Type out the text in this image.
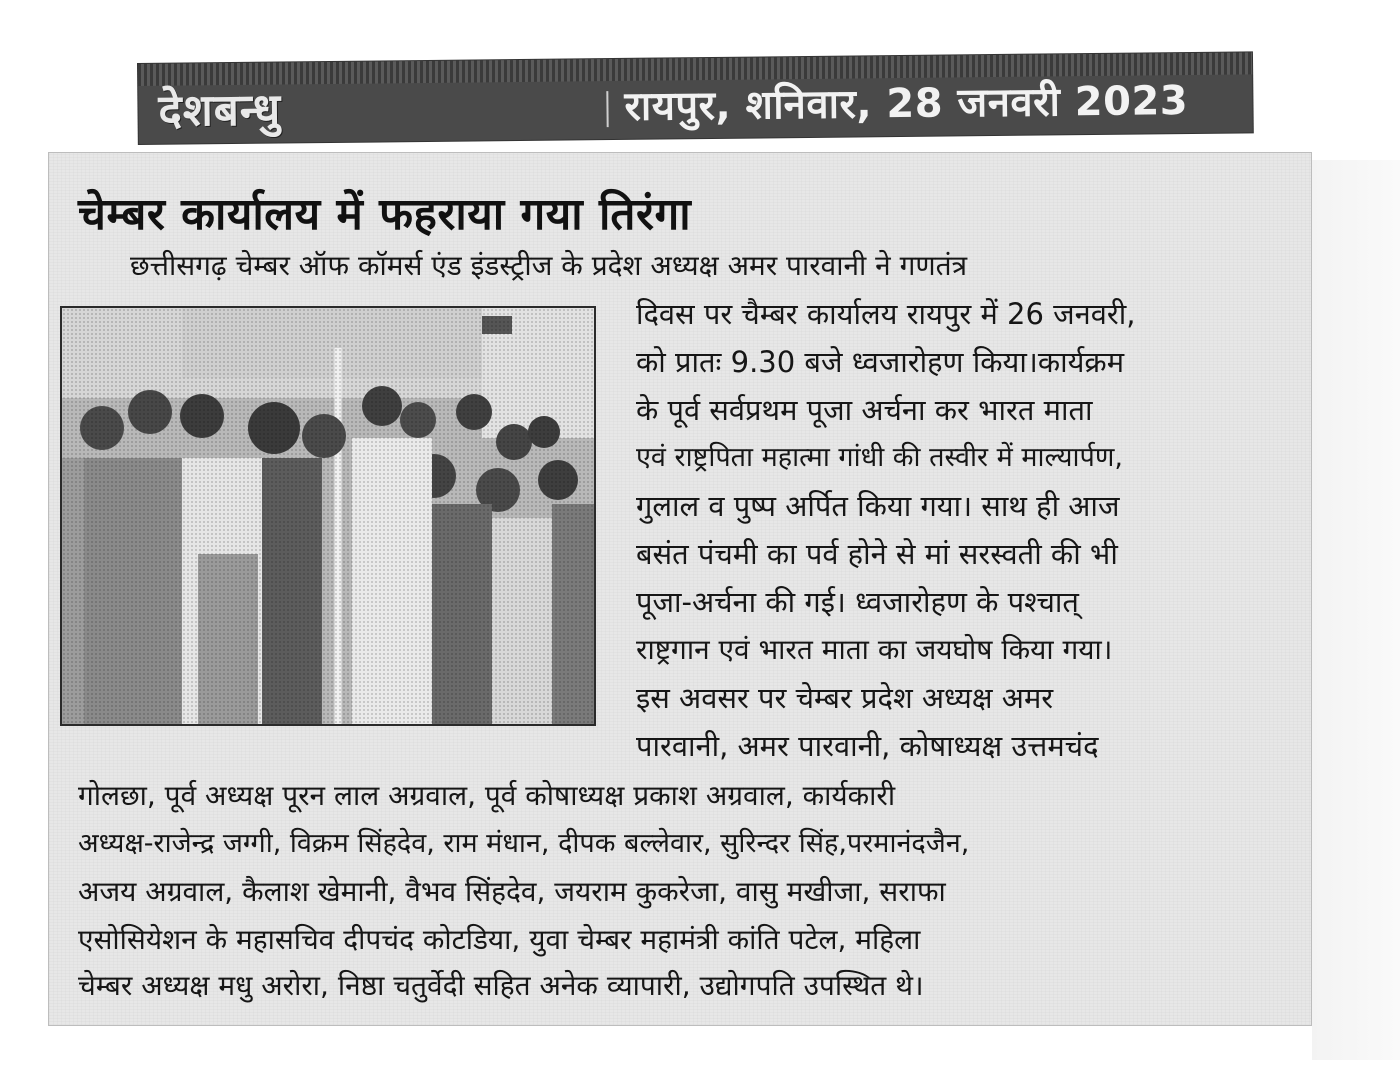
देशबन्धु	रायपुर, शनिवार, 28 जनवरी 2023
चेम्बर कार्यालय में फहराया गया तिरंगा
छत्तीसगढ़ चेम्बर ऑफ कॉमर्स एंड इंडस्ट्रीज के प्रदेश अध्यक्ष अमर पारवानी ने गणतंत्र
दिवस पर चैम्बर कार्यालय रायपुर में 26 जनवरी,
को प्रातः 9.30 बजे ध्वजारोहण किया।कार्यक्रम
के पूर्व सर्वप्रथम पूजा अर्चना कर भारत माता
एवं राष्ट्रपिता महात्मा गांधी की तस्वीर में माल्यार्पण,
गुलाल व पुष्प अर्पित किया गया। साथ ही आज
बसंत पंचमी का पर्व होने से मां सरस्वती की भी
पूजा-अर्चना की गई। ध्वजारोहण के पश्चात्
राष्ट्रगान एवं भारत माता का जयघोष किया गया।
इस अवसर पर चेम्बर प्रदेश अध्यक्ष अमर
पारवानी, अमर पारवानी, कोषाध्यक्ष उत्तमचंद
गोलछा, पूर्व अध्यक्ष पूरन लाल अग्रवाल, पूर्व कोषाध्यक्ष प्रकाश अग्रवाल, कार्यकारी
अध्यक्ष-राजेन्द्र जग्गी, विक्रम सिंहदेव, राम मंधान, दीपक बल्लेवार, सुरिन्दर सिंह,परमानंदजैन,
अजय अग्रवाल, कैलाश खेमानी, वैभव सिंहदेव, जयराम कुकरेजा, वासु मखीजा, सराफा
एसोसियेशन के महासचिव दीपचंद कोटडिया, युवा चेम्बर महामंत्री कांति पटेल, महिला
चेम्बर अध्यक्ष मधु अरोरा, निष्ठा चतुर्वेदी सहित अनेक व्यापारी, उद्योगपति उपस्थित थे।
